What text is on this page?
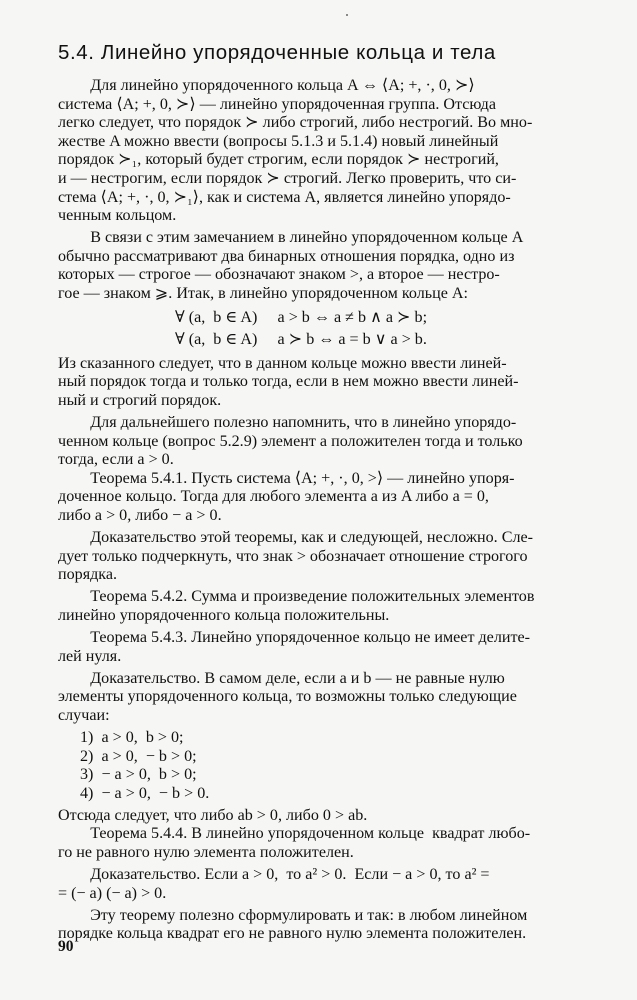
5.4. Линейно упорядоченные кольца и тела
Для линейно упорядоченного кольца A ⇔ ⟨A; +, ·, 0, ≻⟩
система ⟨A; +, 0, ≻⟩ — линейно упорядоченная группа. Отсюда
легко следует, что порядок ≻ либо строгий, либо нестрогий. Во мно-
жестве A можно ввести (вопросы 5.1.3 и 5.1.4) новый линейный
порядок ≻₁, который будет строгим, если порядок ≻ нестрогий,
и — нестрогим, если порядок ≻ строгий. Легко проверить, что си-
стема ⟨A; +, ·, 0, ≻₁⟩, как и система A, является линейно упорядо-
ченным кольцом.
В связи с этим замечанием в линейно упорядоченном кольце A
обычно рассматривают два бинарных отношения порядка, одно из
которых — строгое — обозначают знаком >, а второе — нестро-
гое — знаком ⩾. Итак, в линейно упорядоченном кольце A:
∀ (a,  b ∈ A)     a > b ⇔ a ≠ b ∧ a ≻ b;
∀ (a,  b ∈ A)     a ≻ b ⇔ a = b ∨ a > b.
Из сказанного следует, что в данном кольце можно ввести линей-
ный порядок тогда и только тогда, если в нем можно ввести линей-
ный и строгий порядок.
Для дальнейшего полезно напомнить, что в линейно упорядо-
ченном кольце (вопрос 5.2.9) элемент a положителен тогда и только
тогда, если a > 0.
Теорема 5.4.1. Пусть система ⟨A; +, ·, 0, >⟩ — линейно упоря-
доченное кольцо. Тогда для любого элемента a из A либо a = 0,
либо a > 0, либо − a > 0.
Доказательство этой теоремы, как и следующей, несложно. Сле-
дует только подчеркнуть, что знак > обозначает отношение строгого
порядка.
Теорема 5.4.2. Сумма и произведение положительных элементов
линейно упорядоченного кольца положительны.
Теорема 5.4.3. Линейно упорядоченное кольцо не имеет делите-
лей нуля.
Доказательство. В самом деле, если a и b — не равные нулю
элементы упорядоченного кольца, то возможны только следующие
случаи:
1)  a > 0,  b > 0;
2)  a > 0,  − b > 0;
3)  − a > 0,  b > 0;
4)  − a > 0,  − b > 0.
Отсюда следует, что либо ab > 0, либо 0 > ab.
Теорема 5.4.4. В линейно упорядоченном кольце  квадрат любо-
го не равного нулю элемента положителен.
Доказательство. Если a > 0,  то a² > 0.  Если − a > 0, то a² =
= (− a) (− a) > 0.
Эту теорему полезно сформулировать и так: в любом линейном
порядке кольца квадрат его не равного нулю элемента положителен.
90
